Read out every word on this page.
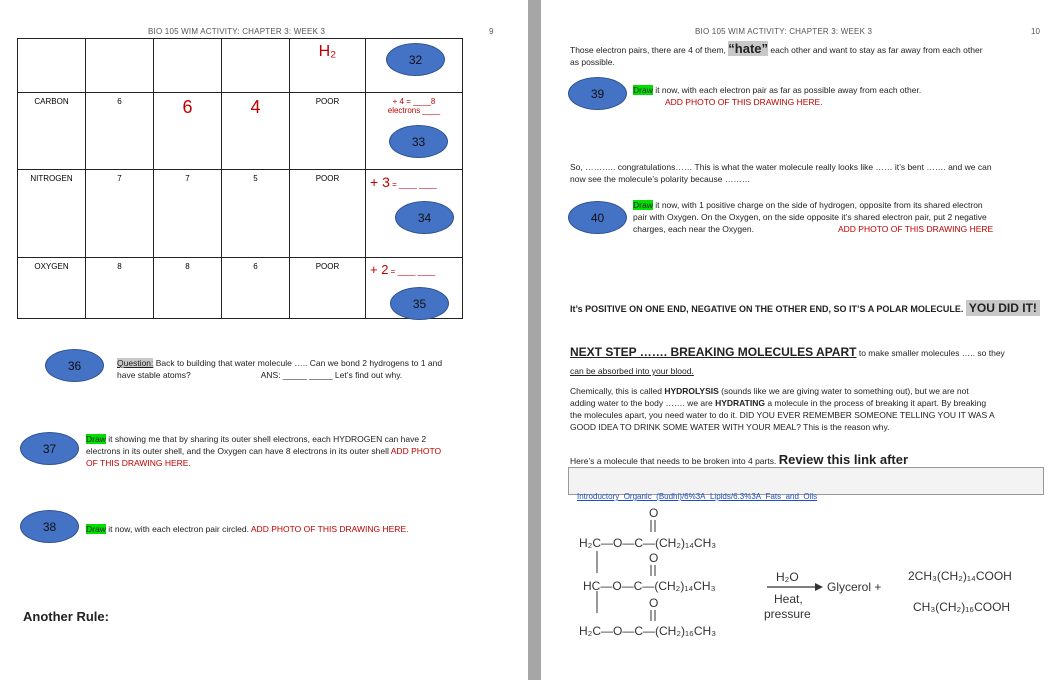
BIO 105 WIM ACTIVITY: CHAPTER 3: WEEK 3	9
				H₂	
CARBON	6	6	4	POOR	+ 4 = ____8
electrons ____

NITROGEN	7	7	5	POOR	+ 3 = ____ ____
OXYGEN	8	8	6	POOR	+ 2 = ____ ____
32
33
34
35
36	Question: Back to building that water molecule ….. Can we bond 2 hydrogens to 1 and
have stable atoms?	ANS: _____ _____ Let’s find out why.
37
Draw it showing me that by sharing its outer shell electrons, each HYDROGEN can have 2
electrons in its outer shell, and the Oxygen can have 8 electrons in its outer shell ADD PHOTO
OF THIS DRAWING HERE.
38	Draw it now, with each electron pair circled. ADD PHOTO OF THIS DRAWING HERE.
Another Rule:
BIO 105 WIM ACTIVITY: CHAPTER 3: WEEK 3	10
Those electron pairs, there are 4 of them, “hate” each other and want to stay as far away from each other
as possible.
39	Draw it now, with each electron pair as far as possible away from each other.
ADD PHOTO OF THIS DRAWING HERE.
So, ……….. congratulations…… This is what the water molecule really looks like …… it’s bent ……. and we can
now see the molecule’s polarity because ………
40
Draw it now, with 1 positive charge on the side of hydrogen, opposite from its shared electron
pair with Oxygen. On the Oxygen, on the side opposite it’s shared electron pair, put 2 negative
charges, each near the Oxygen.	ADD PHOTO OF THIS DRAWING HERE
It’s POSITIVE ON ONE END, NEGATIVE ON THE OTHER END, SO IT’S A POLAR MOLECULE. YOU DID IT!
NEXT STEP ……. BREAKING MOLECULES APART to make smaller molecules ….. so they
can be absorbed into your blood.
Chemically, this is called HYDROLYSIS (sounds like we are giving water to something out), but we are not
adding water to the body ……. we are HYDRATING a molecule in the process of breaking it apart. By breaking
the molecules apart, you need water to do it. DID YOU EVER REMEMBER SOMEONE TELLING YOU IT WAS A
GOOD IDEA TO DRINK SOME WATER WITH YOUR MEAL? This is the reason why.
Here’s a molecule that needs to be broken into 4 parts. Review this link after
Introductory_Organic_(Budhi)/6%3A_Lipids/6.3%3A_Fats_and_Oils
O
H₂C—O—C—(CH₂)₁₄CH₃
O
HC—O—C—(CH₂)₁₄CH₃
O
H₂C—O—C—(CH₂)₁₆CH₃
H₂O
Heat,
pressure
Glycerol +
2CH₃(CH₂)₁₄COOH
CH₃(CH₂)₁₆COOH
